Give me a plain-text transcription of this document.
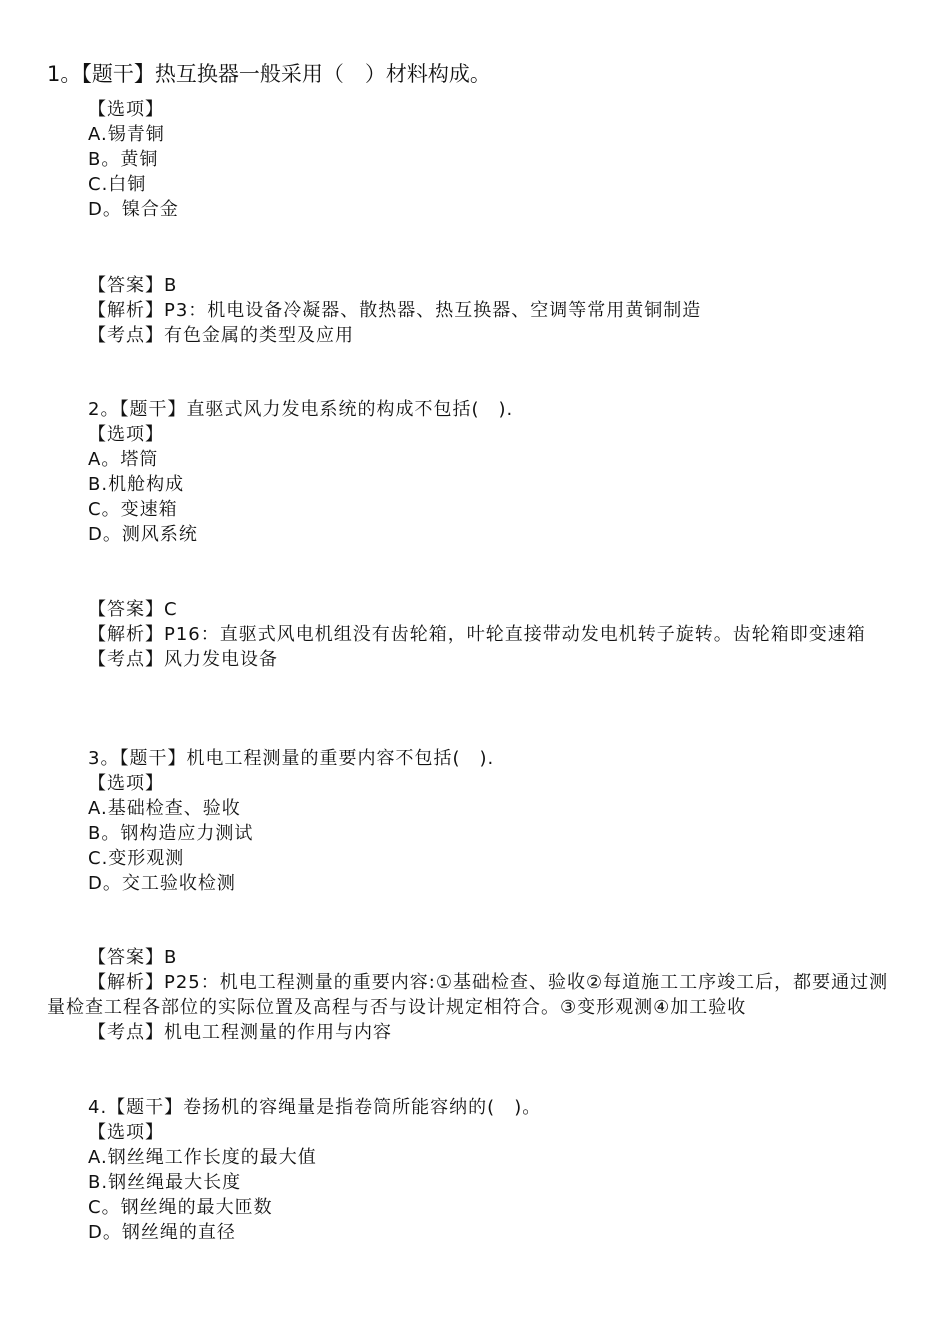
1。【题干】热互换器一般采用（　）材料构成。
【选项】
A.锡青铜
B。黄铜
C.白铜
D。镍合金
【答案】B
【解析】P3：机电设备冷凝器、散热器、热互换器、空调等常用黄铜制造
【考点】有色金属的类型及应用
2。【题干】直驱式风力发电系统的构成不包括(　).
【选项】
A。塔筒
B.机舱构成
C。变速箱
D。测风系统
【答案】C
【解析】P16：直驱式风电机组没有齿轮箱，叶轮直接带动发电机转子旋转。齿轮箱即变速箱
【考点】风力发电设备
3。【题干】机电工程测量的重要内容不包括(　).
【选项】
A.基础检查、验收
B。钢构造应力测试
C.变形观测
D。交工验收检测
【答案】B
【解析】P25：机电工程测量的重要内容:①基础检查、验收②每道施工工序竣工后，都要通过测量检查工程各部位的实际位置及高程与否与设计规定相符合。③变形观测④加工验收
【考点】机电工程测量的作用与内容
4.【题干】卷扬机的容绳量是指卷筒所能容纳的(　)。
【选项】
A.钢丝绳工作长度的最大值
B.钢丝绳最大长度
C。钢丝绳的最大匝数
D。钢丝绳的直径
